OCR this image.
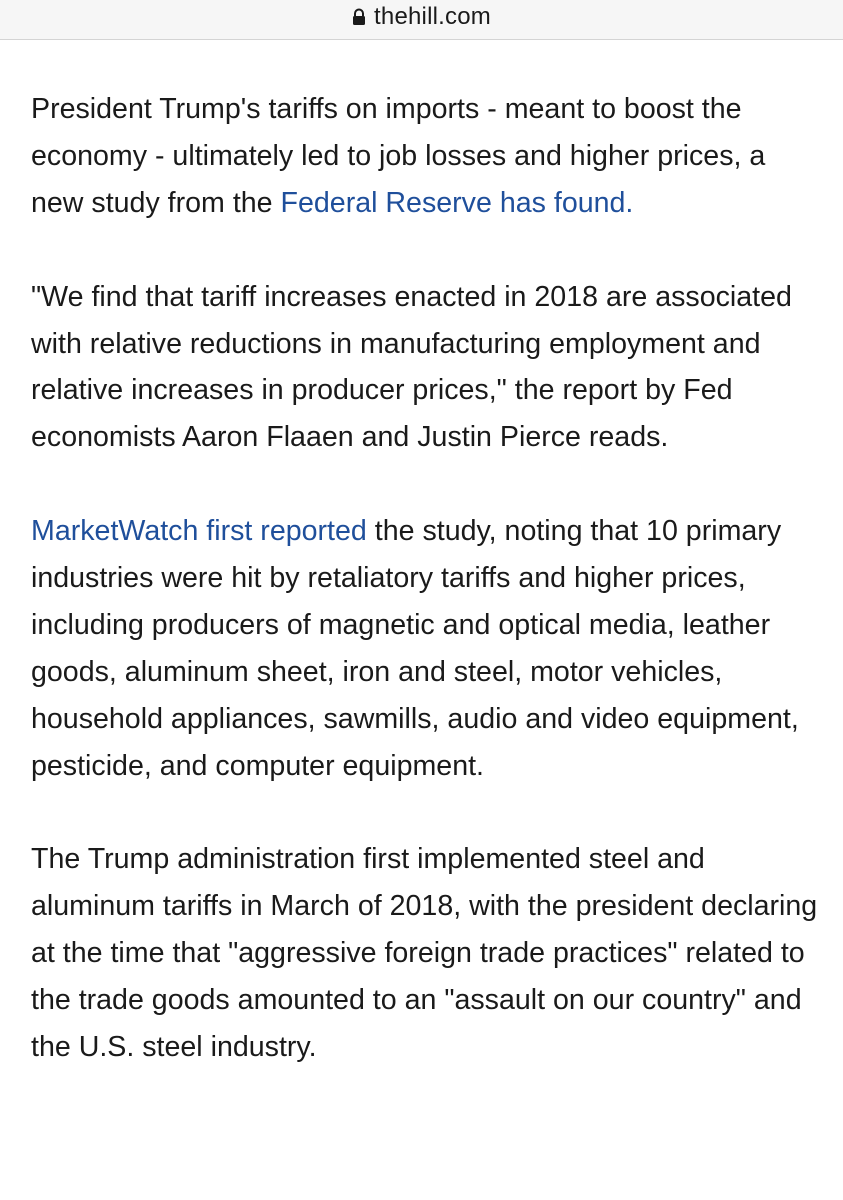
thehill.com

President Trump's tariffs on imports - meant to boost the economy - ultimately led to job losses and higher prices, a new study from the Federal Reserve has found.

"We find that tariff increases enacted in 2018 are associated with relative reductions in manufacturing employment and relative increases in producer prices," the report by Fed economists Aaron Flaaen and Justin Pierce reads.

MarketWatch first reported the study, noting that 10 primary industries were hit by retaliatory tariffs and higher prices, including producers of magnetic and optical media, leather goods, aluminum sheet, iron and steel, motor vehicles, household appliances, sawmills, audio and video equipment, pesticide, and computer equipment.

The Trump administration first implemented steel and aluminum tariffs in March of 2018, with the president declaring at the time that "aggressive foreign trade practices" related to the trade goods amounted to an "assault on our country" and the U.S. steel industry.
